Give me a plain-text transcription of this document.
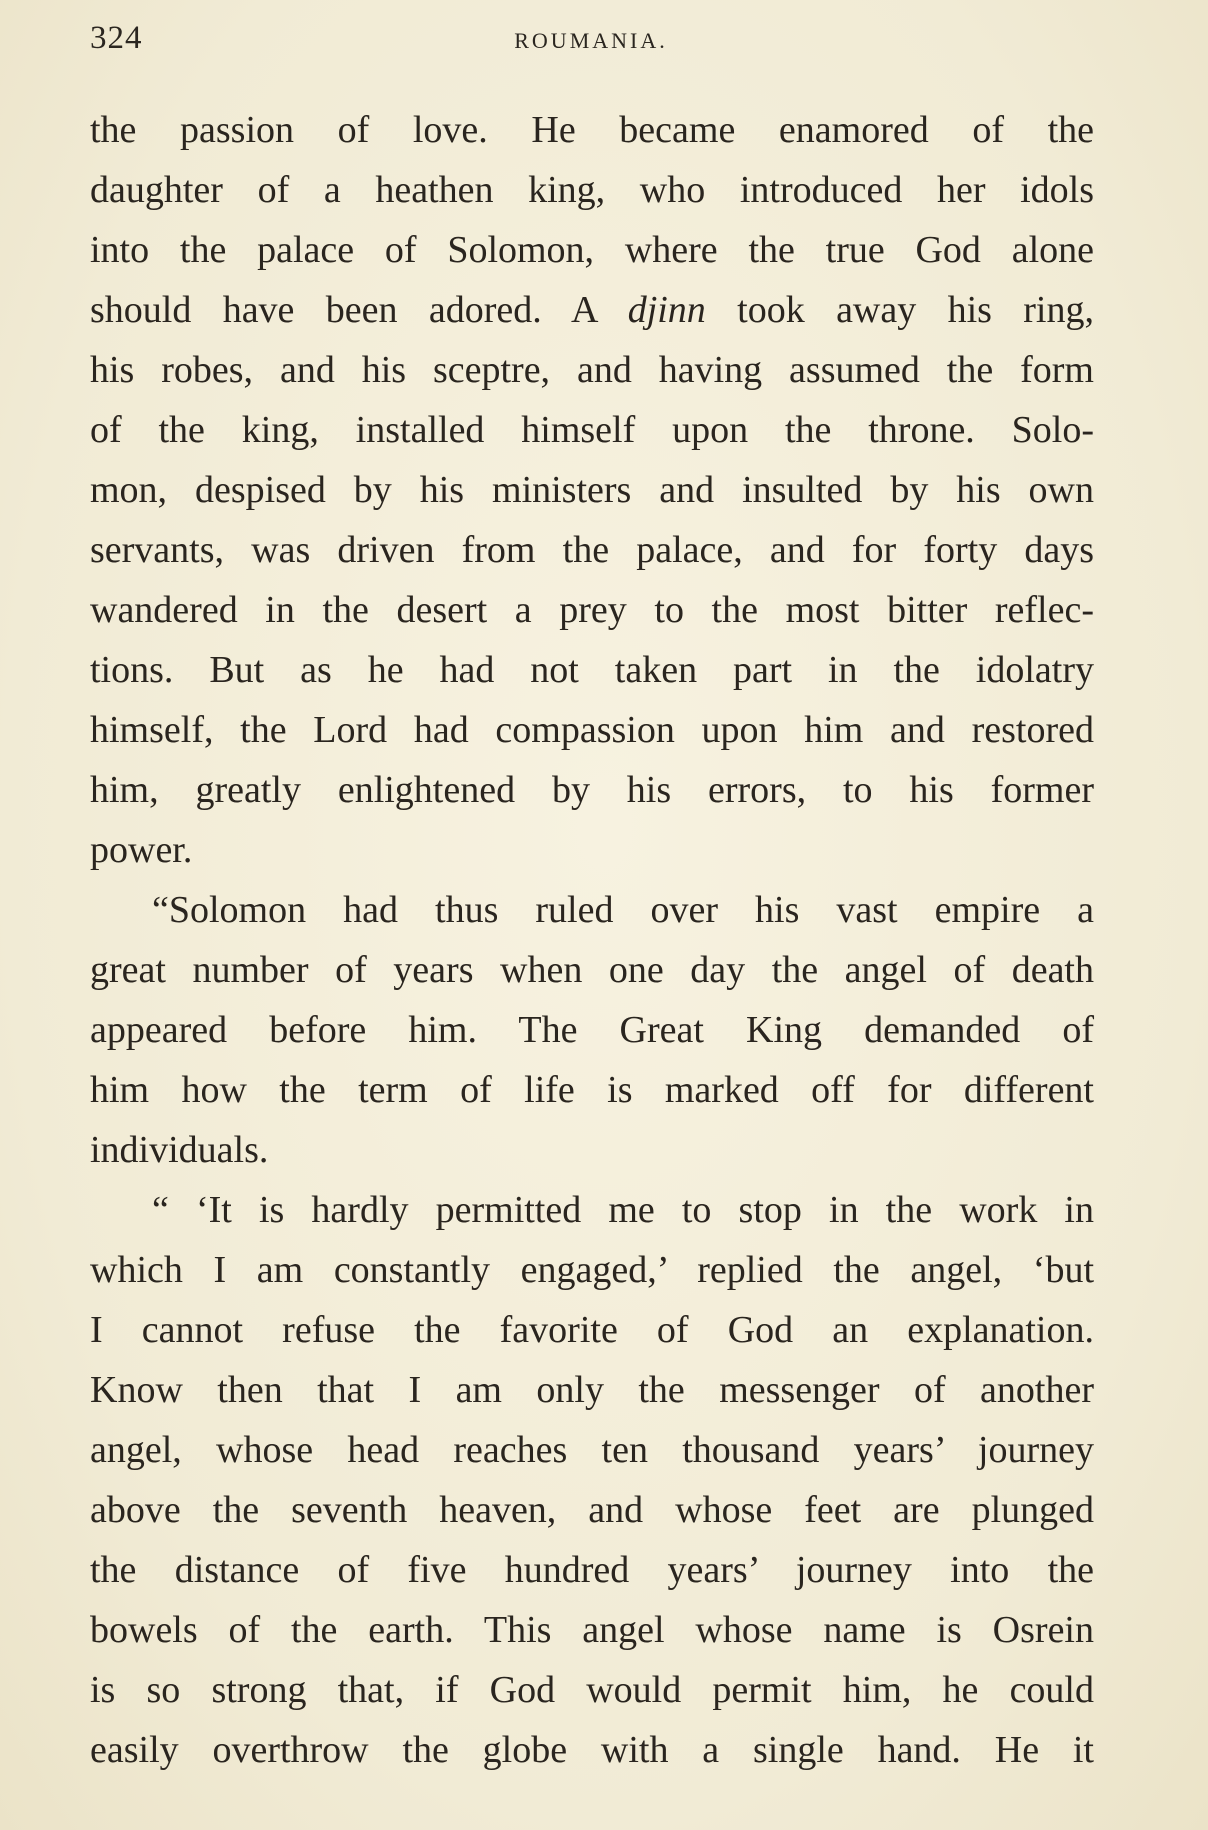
324	ROUMANIA.
the passion of love. He became enamored of the
daughter of a heathen king, who introduced her idols
into the palace of Solomon, where the true God alone
should have been adored. A djinn took away his ring,
his robes, and his sceptre, and having assumed the form
of the king, installed himself upon the throne. Solo-
mon, despised by his ministers and insulted by his own
servants, was driven from the palace, and for forty days
wandered in the desert a prey to the most bitter reflec-
tions. But as he had not taken part in the idolatry
himself, the Lord had compassion upon him and restored
him, greatly enlightened by his errors, to his former
power.
“Solomon had thus ruled over his vast empire a
great number of years when one day the angel of death
appeared before him. The Great King demanded of
him how the term of life is marked off for different
individuals.
“ ‘It is hardly permitted me to stop in the work in
which I am constantly engaged,’ replied the angel, ‘but
I cannot refuse the favorite of God an explanation.
Know then that I am only the messenger of another
angel, whose head reaches ten thousand years’ journey
above the seventh heaven, and whose feet are plunged
the distance of five hundred years’ journey into the
bowels of the earth. This angel whose name is Osrein
is so strong that, if God would permit him, he could
easily overthrow the globe with a single hand. He it
